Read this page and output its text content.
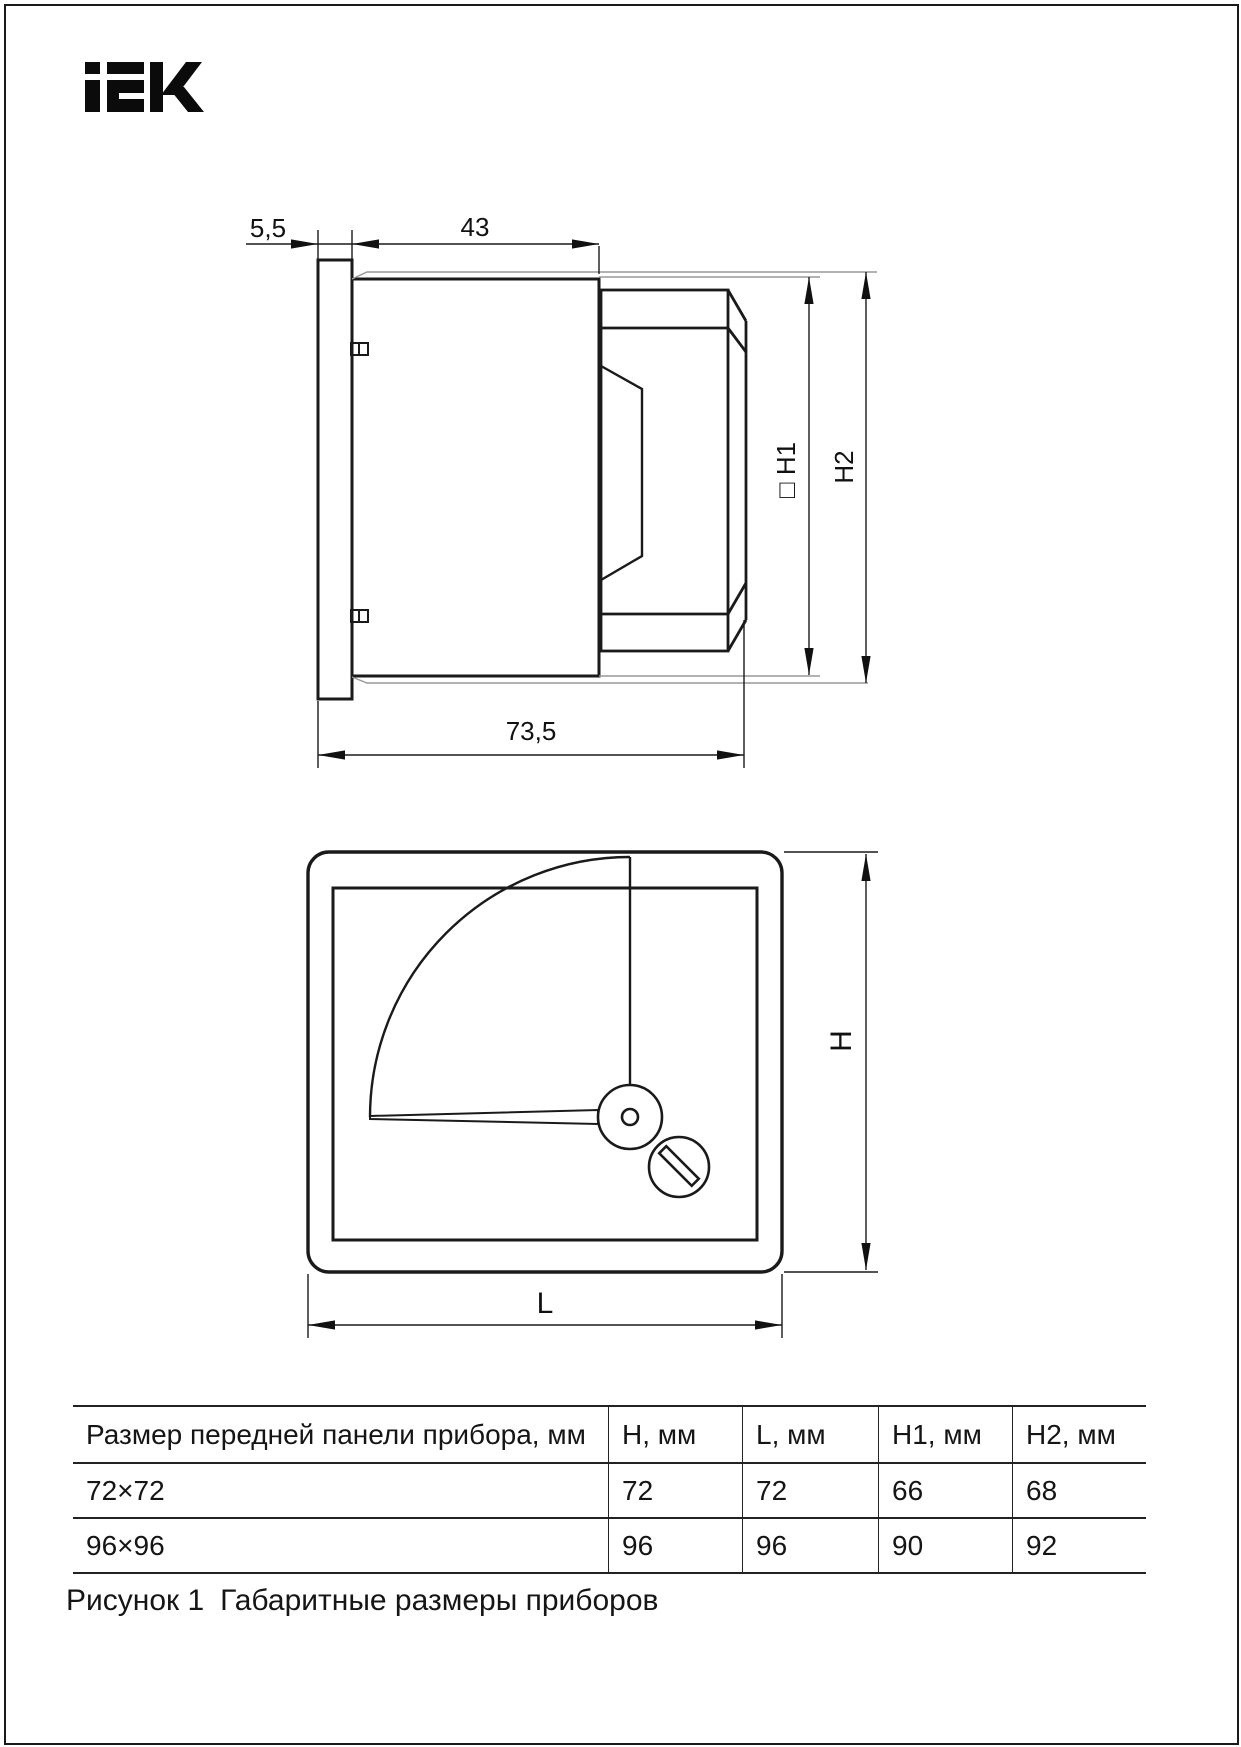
5,5	43
73,5
□ H1 H2
H
L
Размер передней панели прибора, мм	H, мм	L, мм	H1, мм	H2, мм
72×72	72	72	66	68
96×96	96	96	90	92
Рисунок 1 Габаритные размеры приборов
